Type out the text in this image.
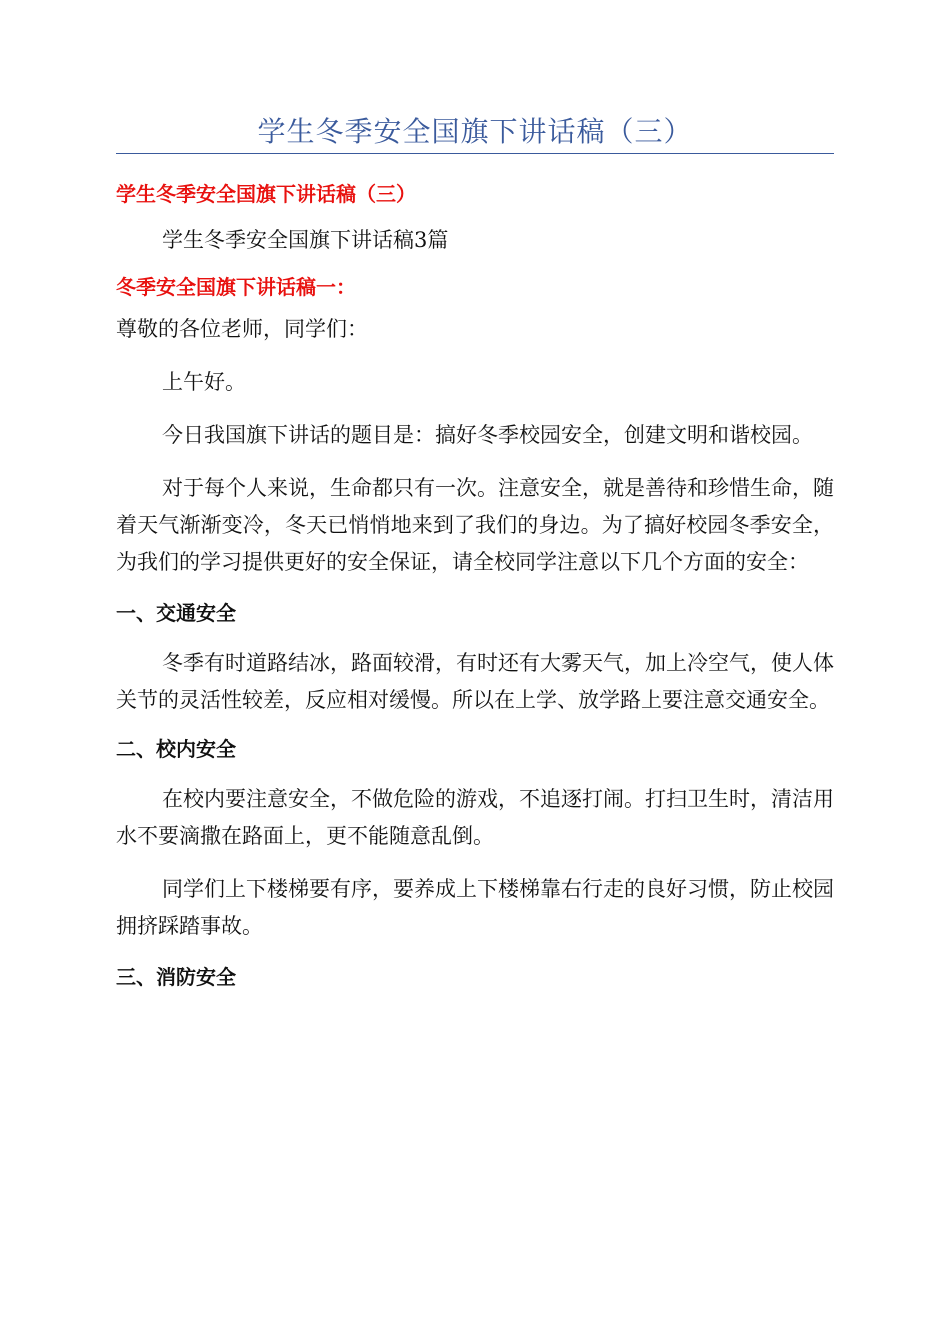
学生冬季安全国旗下讲话稿（三）

学生冬季安全国旗下讲话稿（三）

学生冬季安全国旗下讲话稿3篇

冬季安全国旗下讲话稿一：

尊敬的各位老师，同学们：

上午好。

今日我国旗下讲话的题目是：搞好冬季校园安全，创建文明和谐校园。

对于每个人来说，生命都只有一次。注意安全，就是善待和珍惜生命，随着天气渐渐变冷，冬天已悄悄地来到了我们的身边。为了搞好校园冬季安全，为我们的学习提供更好的安全保证，请全校同学注意以下几个方面的安全：

一、交通安全

冬季有时道路结冰，路面较滑，有时还有大雾天气，加上冷空气，使人体关节的灵活性较差，反应相对缓慢。所以在上学、放学路上要注意交通安全。

二、校内安全

在校内要注意安全，不做危险的游戏，不追逐打闹。打扫卫生时，清洁用水不要滴撒在路面上，更不能随意乱倒。

同学们上下楼梯要有序，要养成上下楼梯靠右行走的良好习惯，防止校园拥挤踩踏事故。

三、消防安全
